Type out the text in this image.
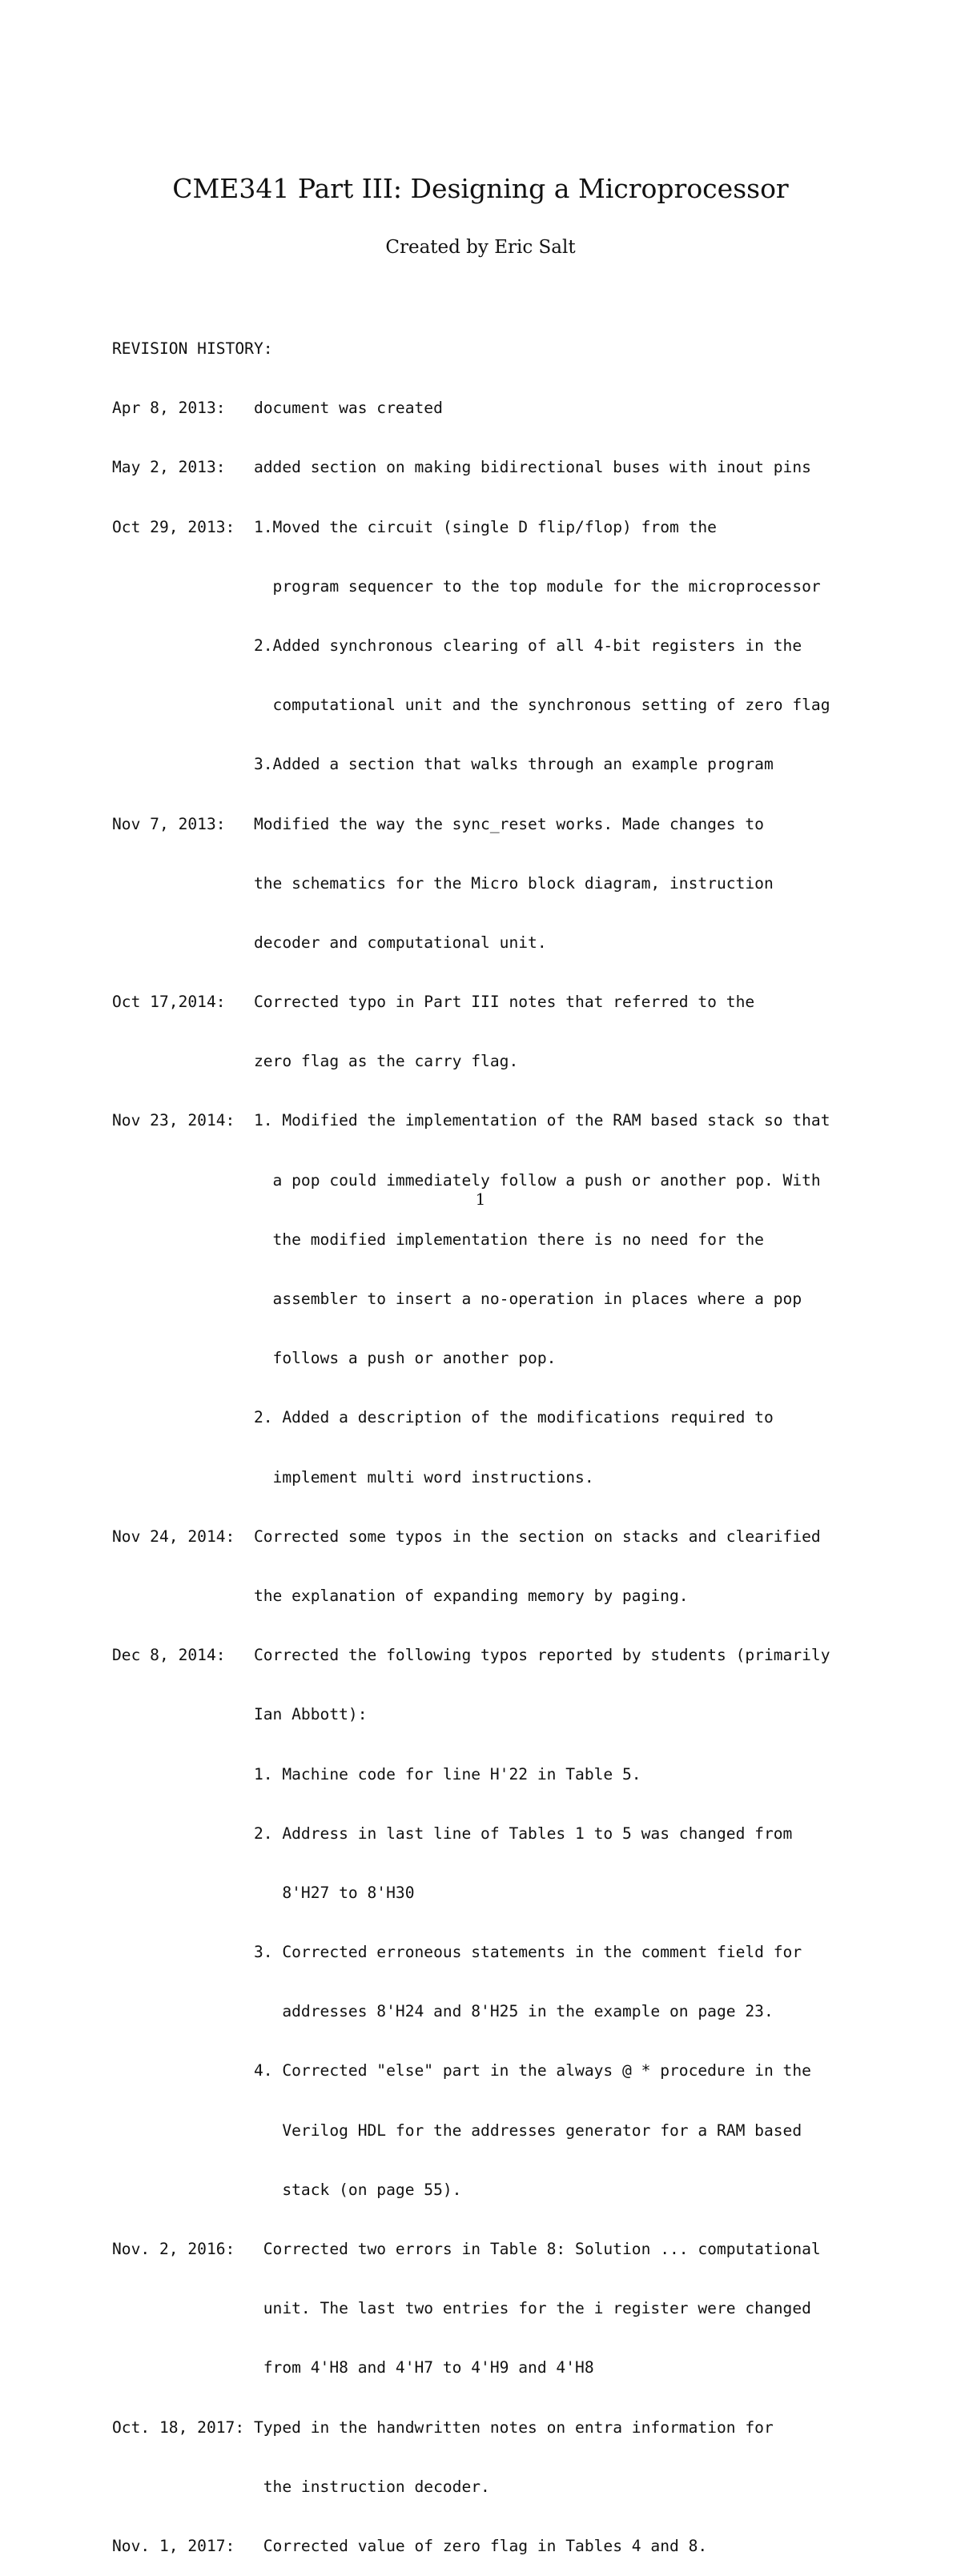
CME341 Part III: Designing a Microprocessor

Created by Eric Salt

REVISION HISTORY:

Apr 8, 2013:   document was created

May 2, 2013:   added section on making bidirectional buses with inout pins

Oct 29, 2013:  1.Moved the circuit (single D flip/flop) from the

program sequencer to the top module for the microprocessor

2.Added synchronous clearing of all 4-bit registers in the

computational unit and the synchronous setting of zero flag

3.Added a section that walks through an example program

Nov 7, 2013:   Modified the way the sync_reset works. Made changes to

the schematics for the Micro block diagram, instruction

decoder and computational unit.

Oct 17,2014:   Corrected typo in Part III notes that referred to the

zero flag as the carry flag.

Nov 23, 2014:  1. Modified the implementation of the RAM based stack so that

a pop could immediately follow a push or another pop. With

the modified implementation there is no need for the

assembler to insert a no-operation in places where a pop

follows a push or another pop.

2. Added a description of the modifications required to

implement multi word instructions.

Nov 24, 2014:  Corrected some typos in the section on stacks and clearified

the explanation of expanding memory by paging.

Dec 8, 2014:   Corrected the following typos reported by students (primarily

Ian Abbott):

1. Machine code for line H'22 in Table 5.

2. Address in last line of Tables 1 to 5 was changed from

8'H27 to 8'H30

3. Corrected erroneous statements in the comment field for

addresses 8'H24 and 8'H25 in the example on page 23.

4. Corrected "else" part in the always @ * procedure in the

Verilog HDL for the addresses generator for a RAM based

stack (on page 55).

Nov. 2, 2016:   Corrected two errors in Table 8: Solution ... computational

unit. The last two entries for the i register were changed

from 4'H8 and 4'H7 to 4'H9 and 4'H8

Oct. 18, 2017: Typed in the handwritten notes on entra information for

the instruction decoder.

Nov. 1, 2017:   Corrected value of zero flag in Tables 4 and 8.

1
